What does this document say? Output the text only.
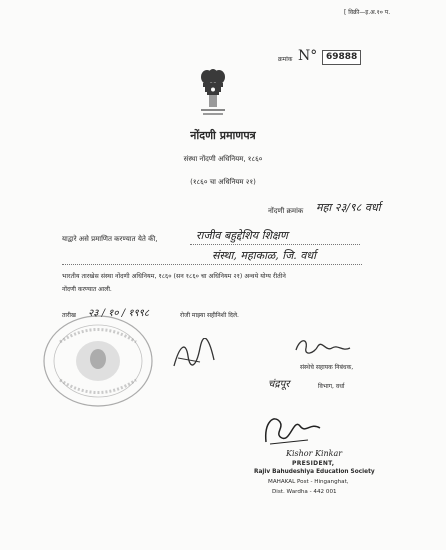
[ विक्री—इ.अ.१० प.
क्रमांक N° 69888
नोंदणी प्रमाणपत्र
संस्था नोंदणी अधिनियम, १८६०
(१८६० चा अधिनियम २१)
नोंदणी क्रमांक महा २३/९८ वर्धा
याद्वारे असे प्रमाणित करण्यात येते की,	राजीव बहुद्देशिय शिक्षण
संस्था, महाकाळ, जि. वर्धा
भारतीय तारखेस संस्था नोंदणी अधिनियम, १८६० (सन १८६० चा अधिनियम २१) अन्वये योग्य रीतीने
नोंदणी करण्यात आली.
तारीख २३ / १० / १९९८	रोजी माझ्या सहीनिशी दिले.
संस्थेचे सहायक निबंधक,
चंद्रपूर	विभाग, वर्धा
Kishor Kinkar
PRESIDENT,
Rajiv Bahudeshiya Education Society
MAHAKAL Post - Hinganghat,
Dist. Wardha - 442 001
